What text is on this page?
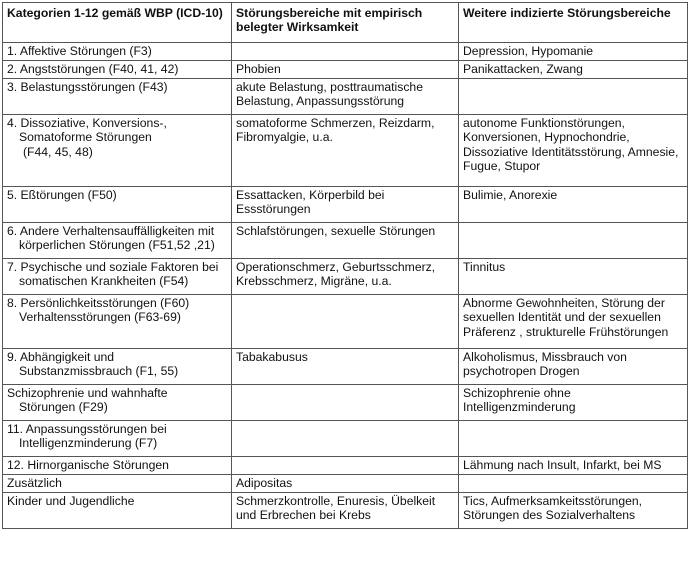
Kategorien 1-12 gemäß WBP (ICD-10)	Störungsbereiche mit empirisch
belegter Wirksamkeit	Weitere indizierte Störungsbereiche

1. Affektive Störungen (F3)		Depression, Hypomanie

2. Angststörungen (F40, 41, 42)	Phobien	Panikattacken, Zwang

3. Belastungsstörungen (F43)	akute Belastung, posttraumatische
Belastung, Anpassungsstörung	

4. Dissoziative, Konversions-,
Somatoforme Störungen
(F44, 45, 48)	somatoforme Schmerzen, Reizdarm,
Fibromyalgie, u.a.	autonome Funktionstörungen,
Konversionen, Hypnochondrie,
Dissoziative Identitätsstörung, Amnesie,
Fugue, Stupor

5. Eßtörungen (F50)	Essattacken, Körperbild bei
Essstörungen	Bulimie, Anorexie

6. Andere Verhaltensauffälligkeiten mit
körperlichen Störungen (F51,52 ,21)	Schlafstörungen, sexuelle Störungen	

7. Psychische und soziale Faktoren bei
somatischen Krankheiten (F54)	Operationschmerz, Geburtsschmerz,
Krebsschmerz, Migräne, u.a.	Tinnitus

8. Persönlichkeitsstörungen (F60)
Verhaltensstörungen (F63-69)		Abnorme Gewohnheiten, Störung der
sexuellen Identität und der sexuellen
Präferenz , strukturelle Frühstörungen

9. Abhängigkeit und
Substanzmissbrauch (F1, 55)	Tabakabusus	Alkoholismus, Missbrauch von
psychotropen Drogen

Schizophrenie und wahnhafte
Störungen (F29)		Schizophrenie ohne
Intelligenzminderung

11. Anpassungsstörungen bei
Intelligenzminderung (F7)		

12. Hirnorganische Störungen		Lähmung nach Insult, Infarkt, bei MS

Zusätzlich	Adipositas	

Kinder und Jugendliche	Schmerzkontrolle, Enuresis, Übelkeit
und Erbrechen bei Krebs	Tics, Aufmerksamkeitsstörungen,
Störungen des Sozialverhaltens
